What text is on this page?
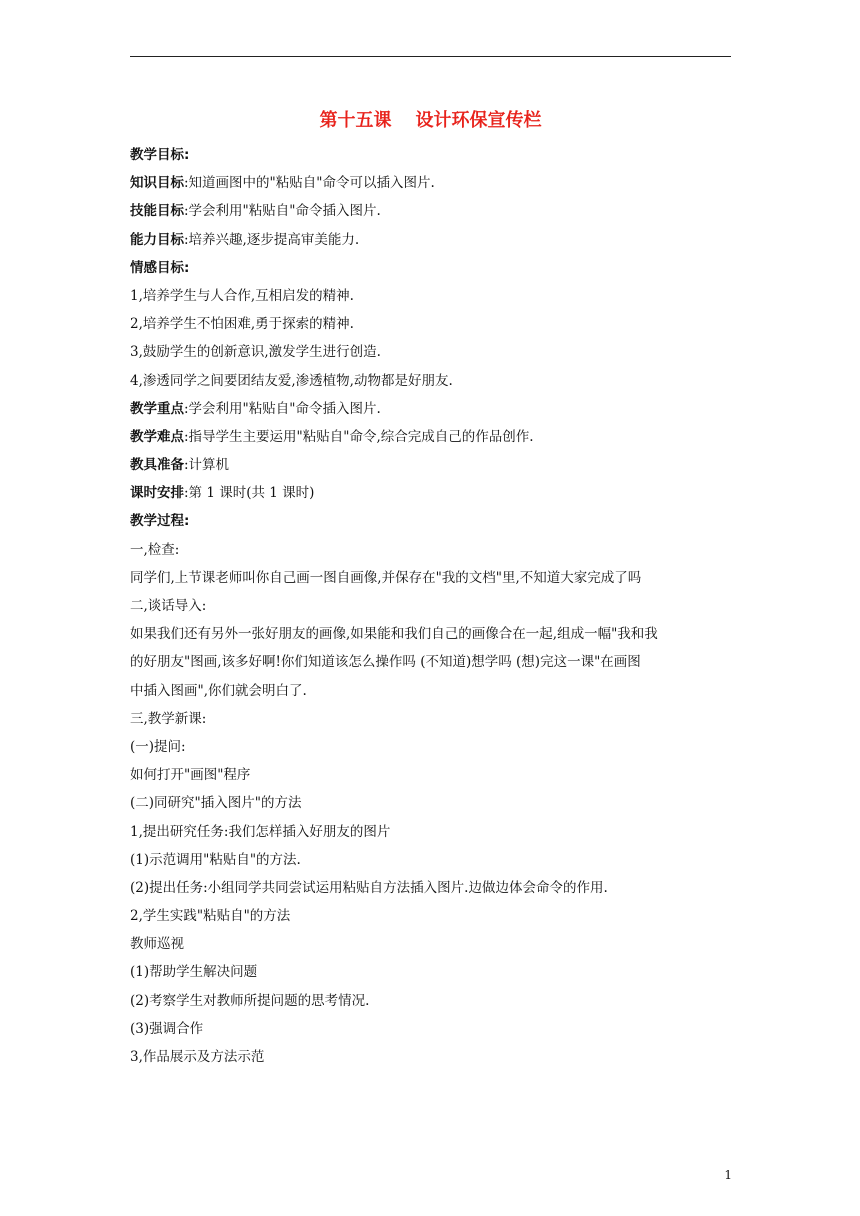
第十五课 设计环保宣传栏
教学目标:
知识目标:知道画图中的"粘贴自"命令可以插入图片.
技能目标:学会利用"粘贴自"命令插入图片.
能力目标:培养兴趣,逐步提高审美能力.
情感目标:
1,培养学生与人合作,互相启发的精神.
2,培养学生不怕困难,勇于探索的精神.
3,鼓励学生的创新意识,激发学生进行创造.
4,渗透同学之间要团结友爱,渗透植物,动物都是好朋友.
教学重点:学会利用"粘贴自"命令插入图片.
教学难点:指导学生主要运用"粘贴自"命令,综合完成自己的作品创作.
教具准备:计算机
课时安排:第 1 课时(共 1 课时)
教学过程:
一,检查:
同学们,上节课老师叫你自己画一图自画像,并保存在"我的文档"里,不知道大家完成了吗
二,谈话导入:
如果我们还有另外一张好朋友的画像,如果能和我们自己的画像合在一起,组成一幅"我和我
的好朋友"图画,该多好啊!你们知道该怎么操作吗 (不知道)想学吗 (想)完这一课"在画图
中插入图画",你们就会明白了.
三,教学新课:
(一)提问:
如何打开"画图"程序
(二)同研究"插入图片"的方法
1,提出研究任务:我们怎样插入好朋友的图片
(1)示范调用"粘贴自"的方法.
(2)提出任务:小组同学共同尝试运用粘贴自方法插入图片.边做边体会命令的作用.
2,学生实践"粘贴自"的方法
教师巡视
(1)帮助学生解决问题
(2)考察学生对教师所提问题的思考情况.
(3)强调合作
3,作品展示及方法示范
1
